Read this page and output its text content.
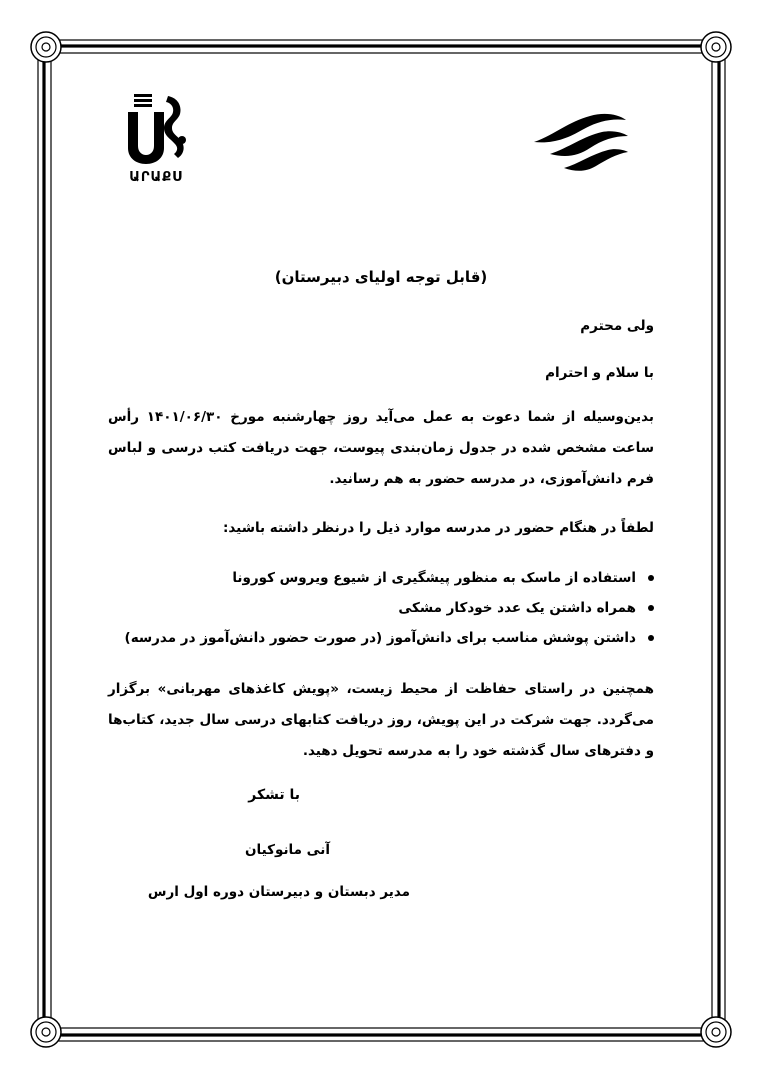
ԱՐԱՔՍ
(قابل توجه اولیای دبیرستان)
ولی محترم
با سلام و احترام
بدین‌وسیله از شما دعوت به عمل می‌آید روز چهارشنبه مورخ ۱۴۰۱/۰۶/۳۰ رأس ساعت مشخص شده در جدول زمان‌بندی پیوست، جهت دریافت کتب درسی و لباس فرم دانش‌آموزی، در مدرسه حضور به هم رسانید.
لطفاً در هنگام حضور در مدرسه موارد ذیل را درنظر داشته باشید:
استفاده از ماسک به منظور پیشگیری از شیوع ویروس کورونا
همراه داشتن یک عدد خودکار مشکی
داشتن پوشش مناسب برای دانش‌آموز (در صورت حضور دانش‌آموز در مدرسه)
همچنین در راستای حفاظت از محیط زیست، «پویش کاغذهای مهربانی» برگزار می‌گردد. جهت شرکت در این پویش، روز دریافت کتابهای درسی سال جدید، کتاب‌ها و دفترهای سال گذشته خود را به مدرسه تحویل دهید.
با تشکر
آنی مانوکیان
مدیر دبستان و دبیرستان دوره اول ارس
